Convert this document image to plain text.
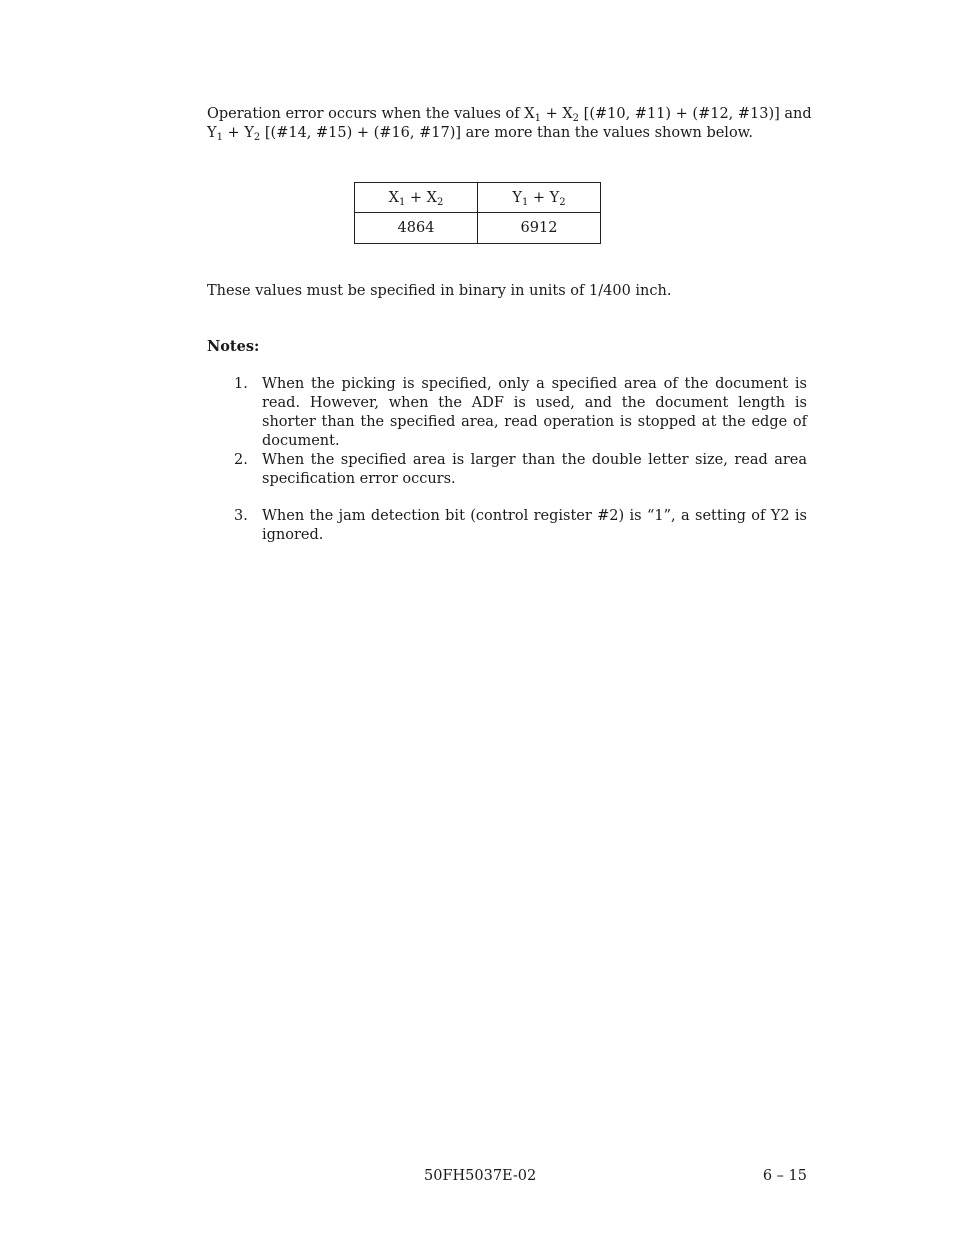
Operation error occurs when the values of $X_1 + X_2$ [(#10, #11) + (#12, #13)] and
$Y_1 + Y_2$ [(#14, #15) + (#16, #17)] are more than the values shown below.
$X_1 + X_2$	$Y_1 + Y_2$
4864	6912
These values must be specified in binary in units of 1/400 inch.
Notes:
1. When the picking is specified, only a specified area of the document is read. However, when the ADF is used, and the document length is shorter than the specified area, read operation is stopped at the edge of document.
2. When the specified area is larger than the double letter size, read area specification error occurs.
3. When the jam detection bit (control register #2) is “1”, a setting of Y2 is ignored.
50FH5037E-02	6 – 15
